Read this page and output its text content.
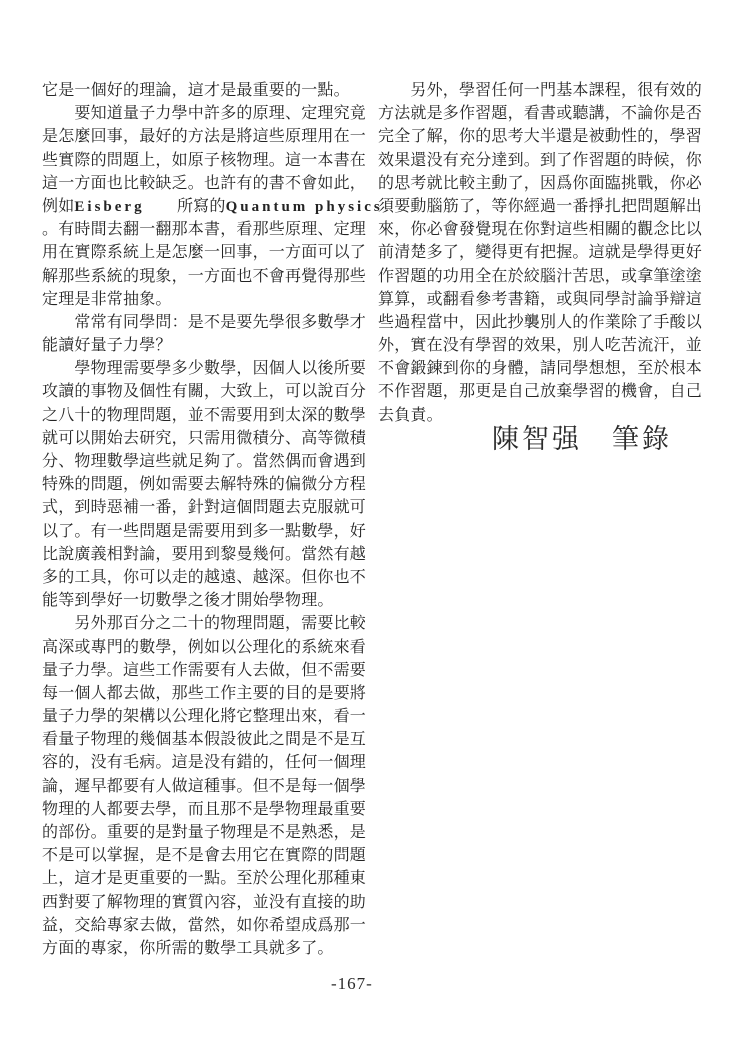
它是一個好的理論，這才是最重要的一點。
　　要知道量子力學中許多的原理、定理究竟
是怎麼回事，最好的方法是將這些原理用在一
些實際的問題上，如原子核物理。這一本書在
這一方面也比較缺乏。也許有的書不會如此，
例如Eisberg　　所寫的Quantum physics
。有時間去翻一翻那本書，看那些原理、定理
用在實際系統上是怎麼一回事，一方面可以了
解那些系統的現象，一方面也不會再覺得那些
定理是非常抽象。
　　常常有同學問：是不是要先學很多數學才
能讀好量子力學？
　　學物理需要學多少數學，因個人以後所要
攻讀的事物及個性有關，大致上，可以說百分
之八十的物理問題，並不需要用到太深的數學
就可以開始去研究，只需用微積分、高等微積
分、物理數學這些就足夠了。當然偶而會遇到
特殊的問題，例如需要去解特殊的偏微分方程
式，到時惡補一番，針對這個問題去克服就可
以了。有一些問題是需要用到多一點數學，好
比說廣義相對論，要用到黎曼幾何。當然有越
多的工具，你可以走的越遠、越深。但你也不
能等到學好一切數學之後才開始學物理。
　　另外那百分之二十的物理問題，需要比較
高深或專門的數學，例如以公理化的系統來看
量子力學。這些工作需要有人去做，但不需要
每一個人都去做，那些工作主要的目的是要將
量子力學的架構以公理化將它整理出來，看一
看量子物理的幾個基本假設彼此之間是不是互
容的，没有毛病。這是没有錯的，任何一個理
論，遲早都要有人做這種事。但不是每一個學
物理的人都要去學，而且那不是學物理最重要
的部份。重要的是對量子物理是不是熟悉，是
不是可以掌握，是不是會去用它在實際的問題
上，這才是更重要的一點。至於公理化那種東
西對要了解物理的實質內容，並没有直接的助
益，交給專家去做，當然，如你希望成爲那一
方面的專家，你所需的數學工具就多了。
　　另外，學習任何一門基本課程，很有效的
方法就是多作習題，看書或聽講，不論你是否
完全了解，你的思考大半還是被動性的，學習
效果還没有充分達到。到了作習題的時候，你
的思考就比較主動了，因爲你面臨挑戰，你必
須要動腦筋了，等你經過一番掙扎把問題解出
來，你必會發覺現在你對這些相關的觀念比以
前清楚多了，變得更有把握。這就是學得更好
作習題的功用全在於絞腦汁苦思，或拿筆塗塗
算算，或翻看參考書籍，或與同學討論爭辯這
些過程當中，因此抄襲別人的作業除了手酸以
外，實在没有學習的效果，別人吃苦流汗，並
不會鍛鍊到你的身體，請同學想想，至於根本
不作習題，那更是自己放棄學習的機會，自己
去負責。
陳智强　筆錄
-167-
